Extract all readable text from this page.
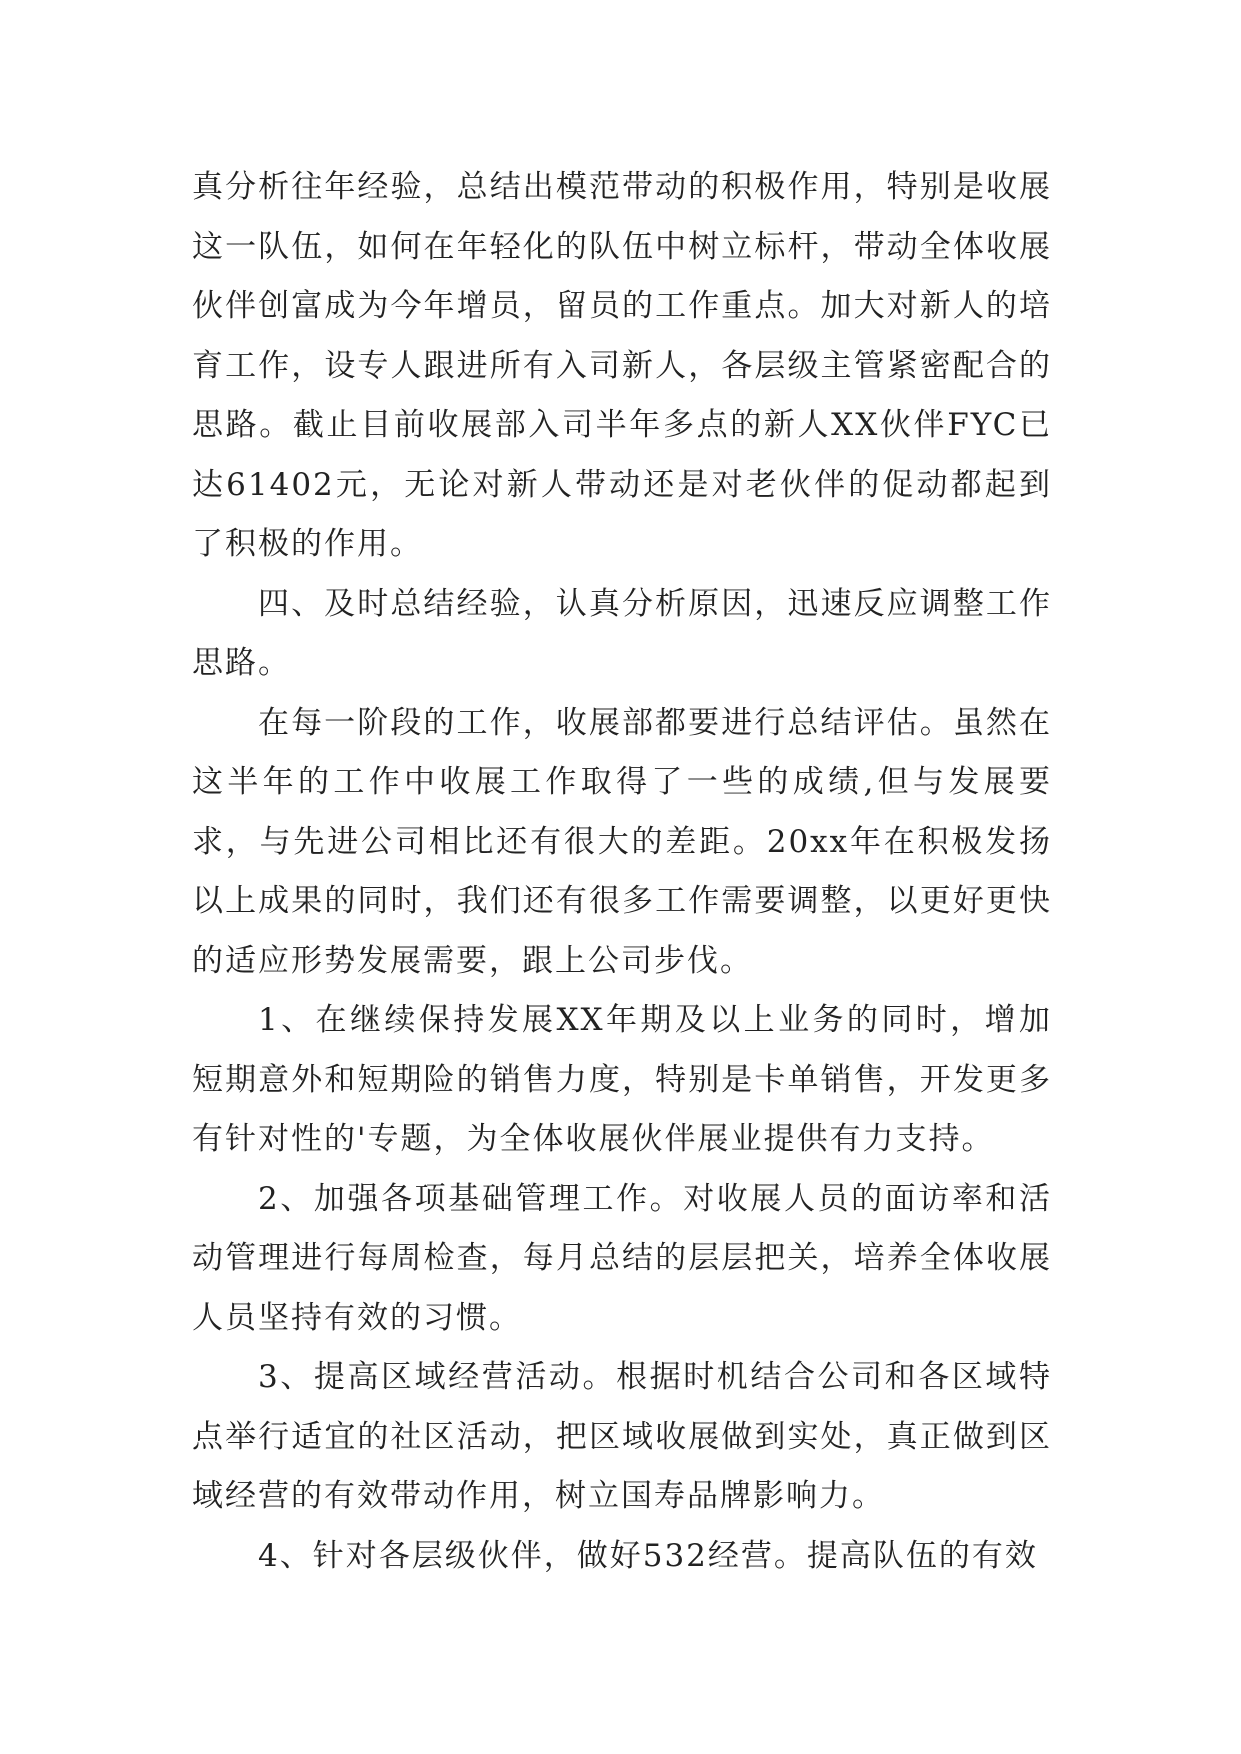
真分析往年经验，总结出模范带动的积极作用，特别是收展这一队伍，如何在年轻化的队伍中树立标杆，带动全体收展伙伴创富成为今年增员，留员的工作重点。加大对新人的培育工作，设专人跟进所有入司新人，各层级主管紧密配合的思路。截止目前收展部入司半年多点的新人XX伙伴FYC已达61402元，无论对新人带动还是对老伙伴的促动都起到了积极的作用。

四、及时总结经验，认真分析原因，迅速反应调整工作思路。

在每一阶段的工作，收展部都要进行总结评估。虽然在这半年的工作中收展工作取得了一些的成绩,但与发展要求，与先进公司相比还有很大的差距。20xx年在积极发扬以上成果的同时，我们还有很多工作需要调整，以更好更快的适应形势发展需要，跟上公司步伐。

1、在继续保持发展XX年期及以上业务的同时，增加短期意外和短期险的销售力度，特别是卡单销售，开发更多有针对性的'专题，为全体收展伙伴展业提供有力支持。

2、加强各项基础管理工作。对收展人员的面访率和活动管理进行每周检查，每月总结的层层把关，培养全体收展人员坚持有效的习惯。

3、提高区域经营活动。根据时机结合公司和各区域特点举行适宜的社区活动，把区域收展做到实处，真正做到区域经营的有效带动作用，树立国寿品牌影响力。

4、针对各层级伙伴，做好532经营。提高队伍的有效
